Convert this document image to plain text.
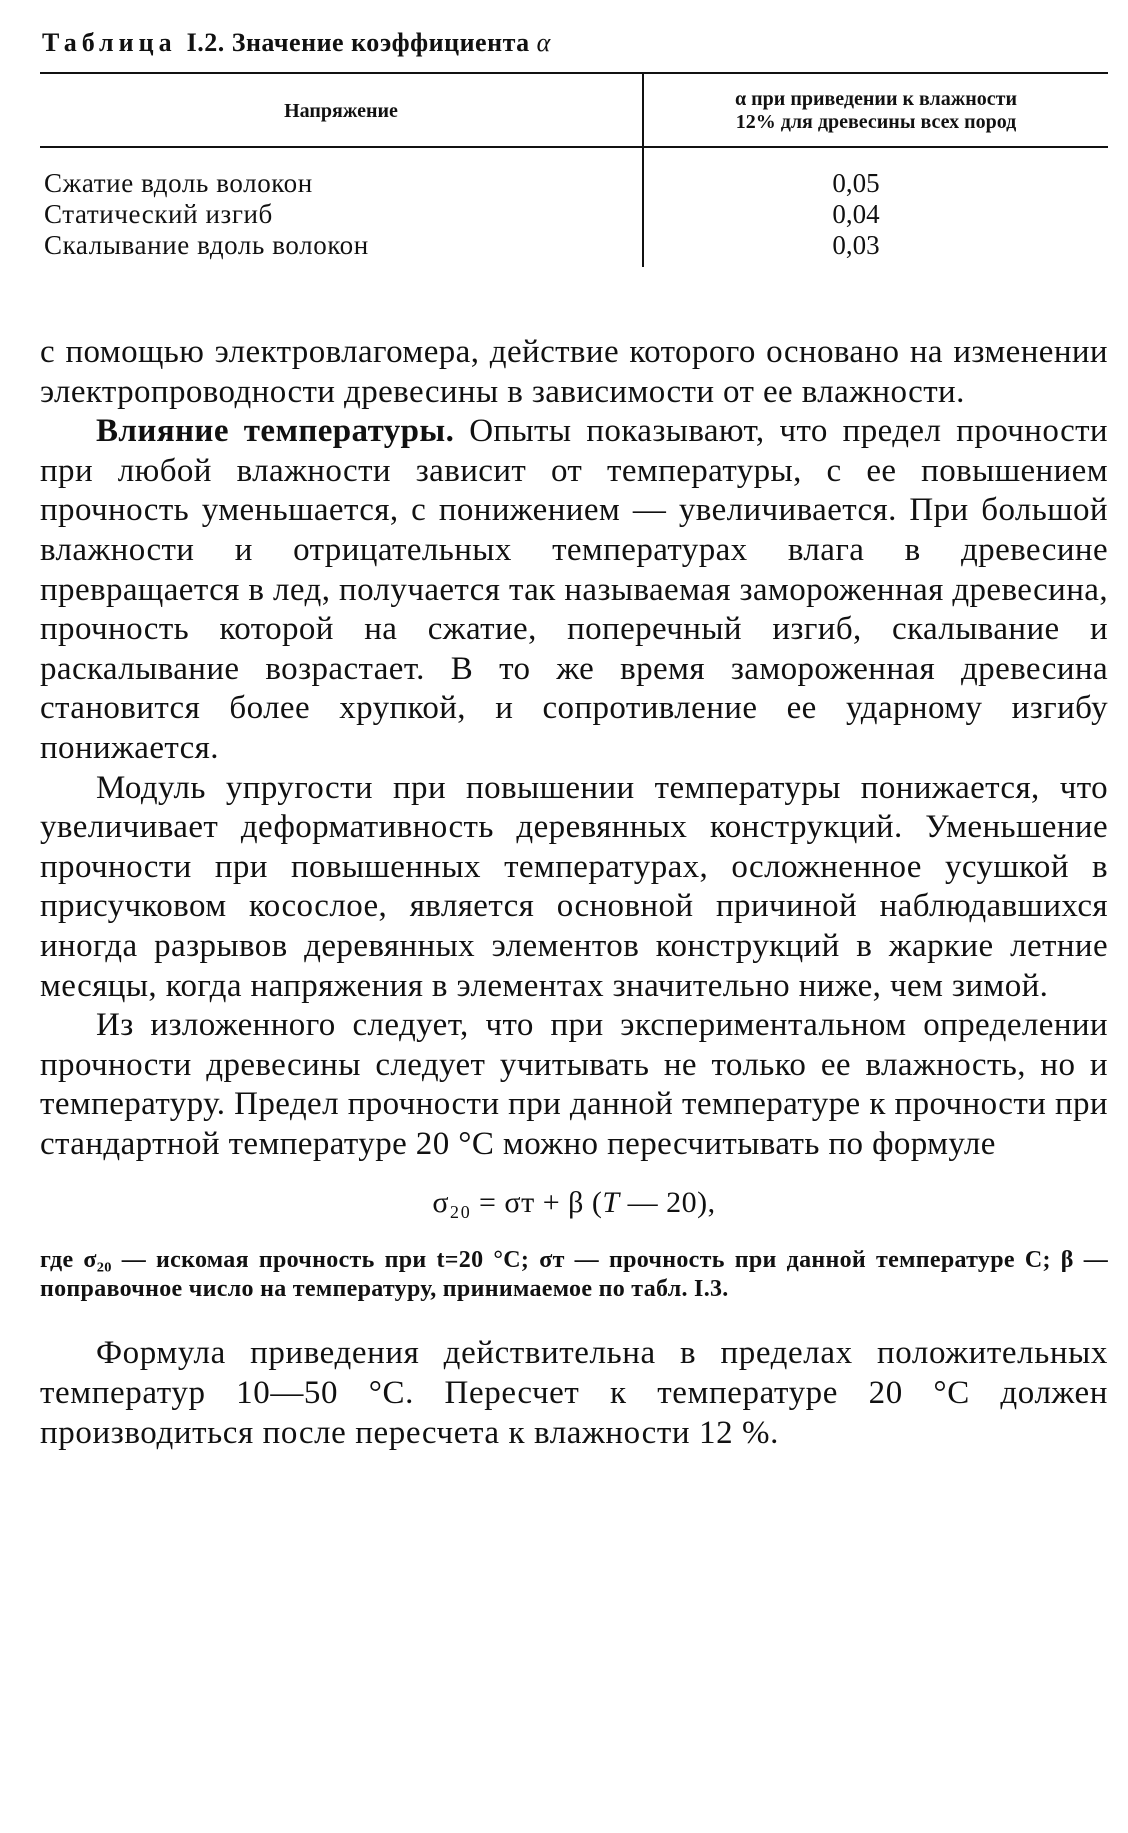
Таблица I.2. Значение коэффициента α
Напряжение	α при приведении к влажности
12% для древесины всех пород
Сжатие вдоль волокон	0,05
Статический изгиб	0,04
Скалывание вдоль волокон	0,03

с помощью электровлагомера, действие которого основано на изменении электропроводности древесины в зависимости от ее влажности.

Влияние температуры. Опыты показывают, что предел прочности при любой влажности зависит от температуры, с ее повышением прочность уменьшается, с понижением — увеличивается. При большой влажности и отрицательных температурах влага в древесине превращается в лед, получается так называемая замороженная древесина, прочность которой на сжатие, поперечный изгиб, скалывание и раскалывание возрастает. В то же время замороженная древесина становится более хрупкой, и сопротивление ее ударному изгибу понижается.

Модуль упругости при повышении температуры понижается, что увеличивает деформативность деревянных конструкций. Уменьшение прочности при повышенных температурах, осложненное усушкой в присучковом косослое, является основной причиной наблюдавшихся иногда разрывов деревянных элементов конструкций в жаркие летние месяцы, когда напряжения в элементах значительно ниже, чем зимой.

Из изложенного следует, что при экспериментальном определении прочности древесины следует учитывать не только ее влажность, но и температуру. Предел прочности при данной температуре к прочности при стандартной температуре 20 °С можно пересчитывать по формуле

σ₂₀ = σт + β (T — 20),
где σ₂₀ — искомая прочность при t=20 °С; σт — прочность при данной температуре С; β — поправочное число на температуру, принимаемое по табл. I.3.
Формула приведения действительна в пределах положительных температур 10—50 °С. Пересчет к температуре 20 °С должен производиться после пересчета к влажности 12 %.
